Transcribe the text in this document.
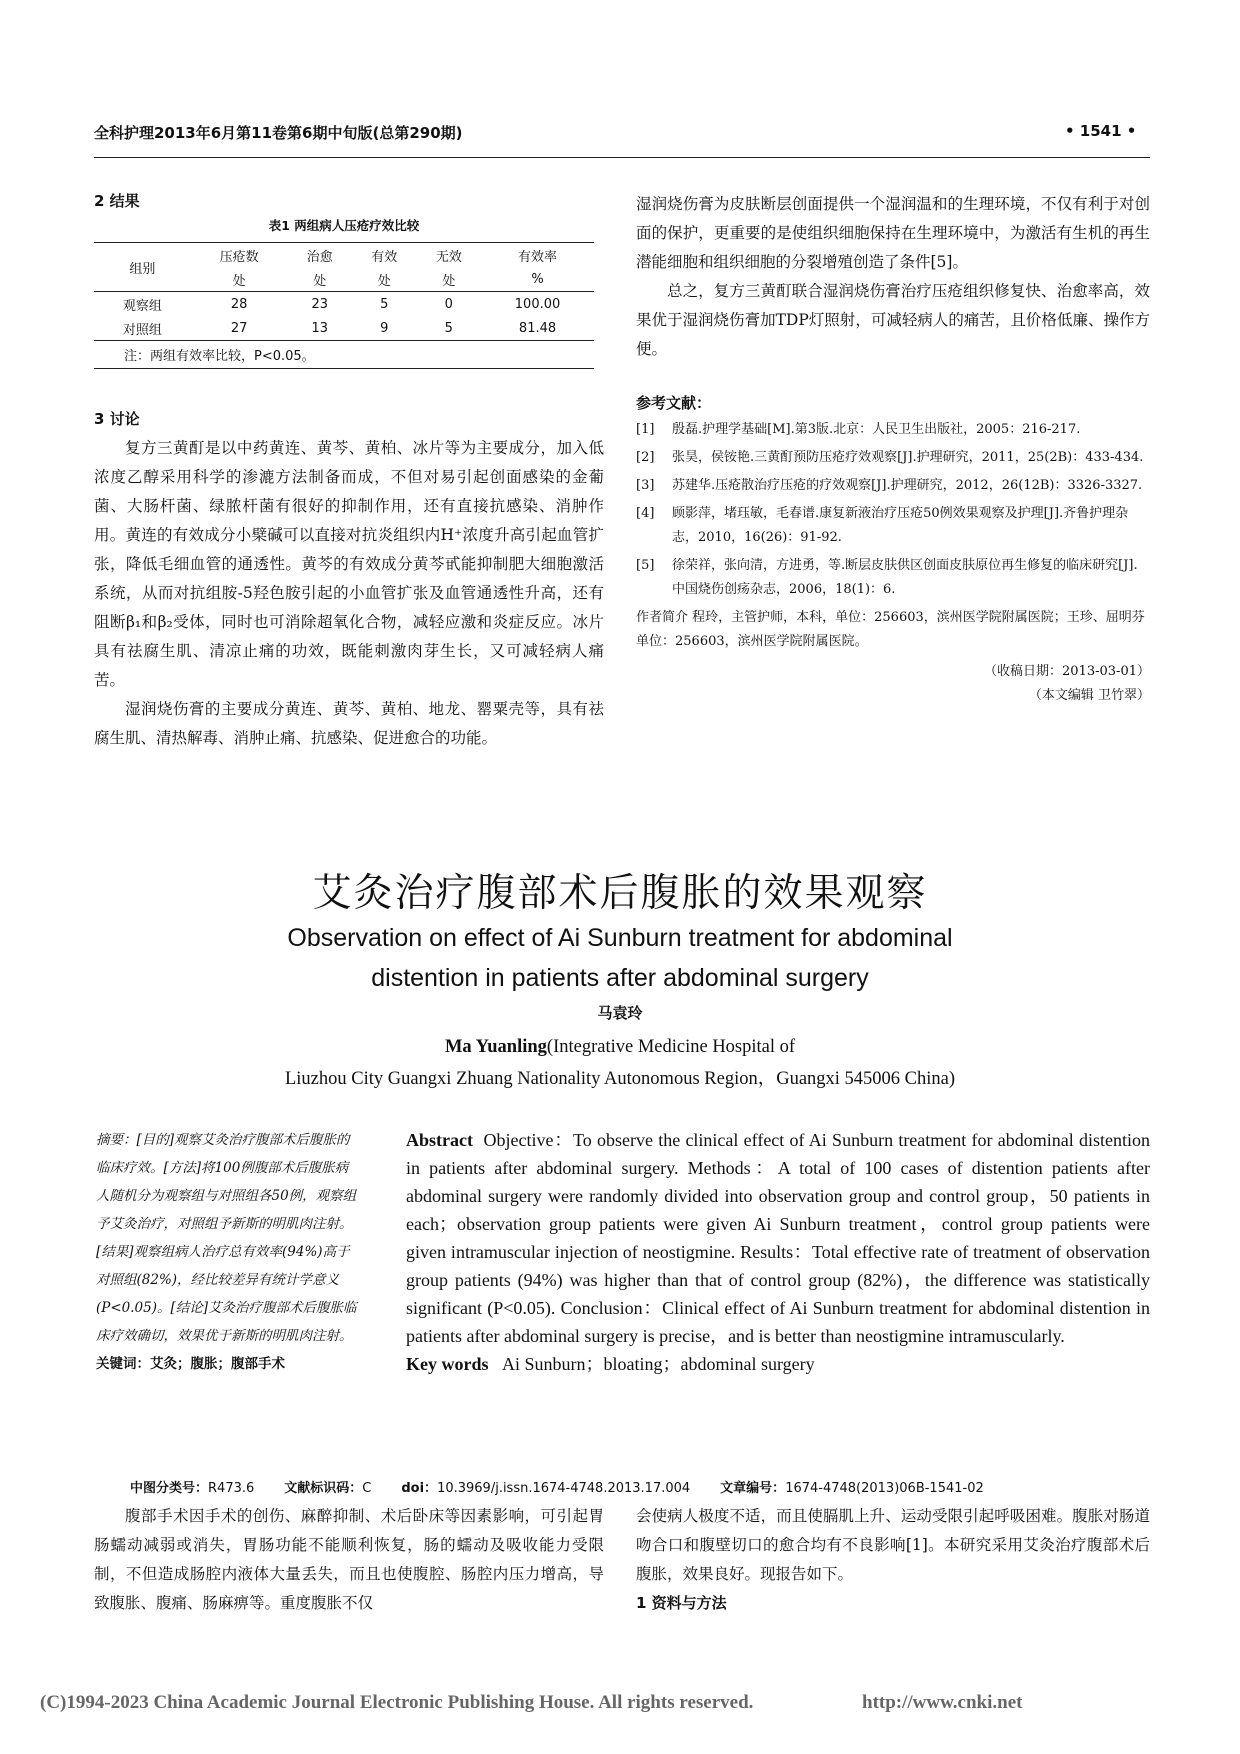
全科护理2013年6月第11卷第6期中旬版(总第290期)	• 1541 •
2 结果
表1 两组病人压疮疗效比较
组别	压疮数	治愈	有效	无效	有效率
	处	处	处	处	%
观察组	28	23	5	0	100.00
对照组	27	13	9	5	81.48
注：两组有效率比较，P<0.05。
3 讨论

复方三黄酊是以中药黄连、黄芩、黄柏、冰片等为主要成分，加入低浓度乙醇采用科学的渗漉方法制备而成，不但对易引起创面感染的金葡菌、大肠杆菌、绿脓杆菌有很好的抑制作用，还有直接抗感染、消肿作用。黄连的有效成分小檗碱可以直接对抗炎组织内H⁺浓度升高引起血管扩张，降低毛细血管的通透性。黄芩的有效成分黄芩甙能抑制肥大细胞激活系统，从而对抗组胺-5羟色胺引起的小血管扩张及血管通透性升高，还有阻断β₁和β₂受体，同时也可消除超氧化合物，减轻应激和炎症反应。冰片具有祛腐生肌、清凉止痛的功效，既能刺激肉芽生长，又可减轻病人痛苦。

湿润烧伤膏的主要成分黄连、黄芩、黄柏、地龙、罂粟壳等，具有祛腐生肌、清热解毒、消肿止痛、抗感染、促进愈合的功能。

湿润烧伤膏为皮肤断层创面提供一个湿润温和的生理环境，不仅有利于对创面的保护，更重要的是使组织细胞保持在生理环境中，为激活有生机的再生潜能细胞和组织细胞的分裂增殖创造了条件[5]。

总之，复方三黄酊联合湿润烧伤膏治疗压疮组织修复快、治愈率高，效果优于湿润烧伤膏加TDP灯照射，可减轻病人的痛苦，且价格低廉、操作方便。

参考文献：
[1]	殷磊.护理学基础[M].第3版.北京：人民卫生出版社，2005：216-217.
[2]	张昊，侯铵艳.三黄酊预防压疮疗效观察[J].护理研究，2011，25(2B)：433-434.
[3]	苏建华.压疮散治疗压疮的疗效观察[J].护理研究，2012，26(12B)：3326-3327.
[4]	顾影萍，堵珏敏，毛春谱.康复新液治疗压疮50例效果观察及护理[J].齐鲁护理杂志，2010，16(26)：91-92.
[5]	徐荣祥，张向清，方进勇，等.断层皮肤供区创面皮肤原位再生修复的临床研究[J].中国烧伤创疡杂志，2006，18(1)：6.
作者简介 程玲，主管护师，本科，单位：256603，滨州医学院附属医院；王珍、屈明芬单位：256603，滨州医学院附属医院。
（收稿日期：2013-03-01）
（本文编辑 卫竹翠）
艾灸治疗腹部术后腹胀的效果观察
Observation on effect of Ai Sunburn treatment for abdominal
distention in patients after abdominal surgery
马袁玲
Ma Yuanling(Integrative Medicine Hospital of
Liuzhou City Guangxi Zhuang Nationality Autonomous Region，Guangxi 545006 China)
摘要：[目的]观察艾灸治疗腹部术后腹胀的临床疗效。[方法]将100例腹部术后腹胀病人随机分为观察组与对照组各50例，观察组予艾灸治疗，对照组予新斯的明肌肉注射。[结果]观察组病人治疗总有效率(94%)高于对照组(82%)，经比较差异有统计学意义(P<0.05)。[结论]艾灸治疗腹部术后腹胀临床疗效确切，效果优于新斯的明肌肉注射。
关键词：艾灸；腹胀；腹部手术
Abstract Objective：To observe the clinical effect of Ai Sunburn treatment for abdominal distention in patients after abdominal surgery. Methods：A total of 100 cases of distention patients after abdominal surgery were randomly divided into observation group and control group，50 patients in each；observation group patients were given Ai Sunburn treatment，control group patients were given intramuscular injection of neostigmine. Results：Total effective rate of treatment of observation group patients (94%) was higher than that of control group (82%)，the difference was statistically significant (P<0.05). Conclusion：Clinical effect of Ai Sunburn treatment for abdominal distention in patients after abdominal surgery is precise，and is better than neostigmine intramuscularly.
Key words Ai Sunburn；bloating；abdominal surgery
中图分类号：R473.6 文献标识码：C doi：10.3969/j.issn.1674-4748.2013.17.004 文章编号：1674-4748(2013)06B-1541-02

腹部手术因手术的创伤、麻醉抑制、术后卧床等因素影响，可引起胃肠蠕动减弱或消失，胃肠功能不能顺利恢复，肠的蠕动及吸收能力受限制，不但造成肠腔内液体大量丢失，而且也使腹腔、肠腔内压力增高，导致腹胀、腹痛、肠麻痹等。重度腹胀不仅

会使病人极度不适，而且使膈肌上升、运动受限引起呼吸困难。腹胀对肠道吻合口和腹壁切口的愈合均有不良影响[1]。本研究采用艾灸治疗腹部术后腹胀，效果良好。现报告如下。

1 资料与方法
(C)1994-2023 China Academic Journal Electronic Publishing House. All rights reserved.	http://www.cnki.net
